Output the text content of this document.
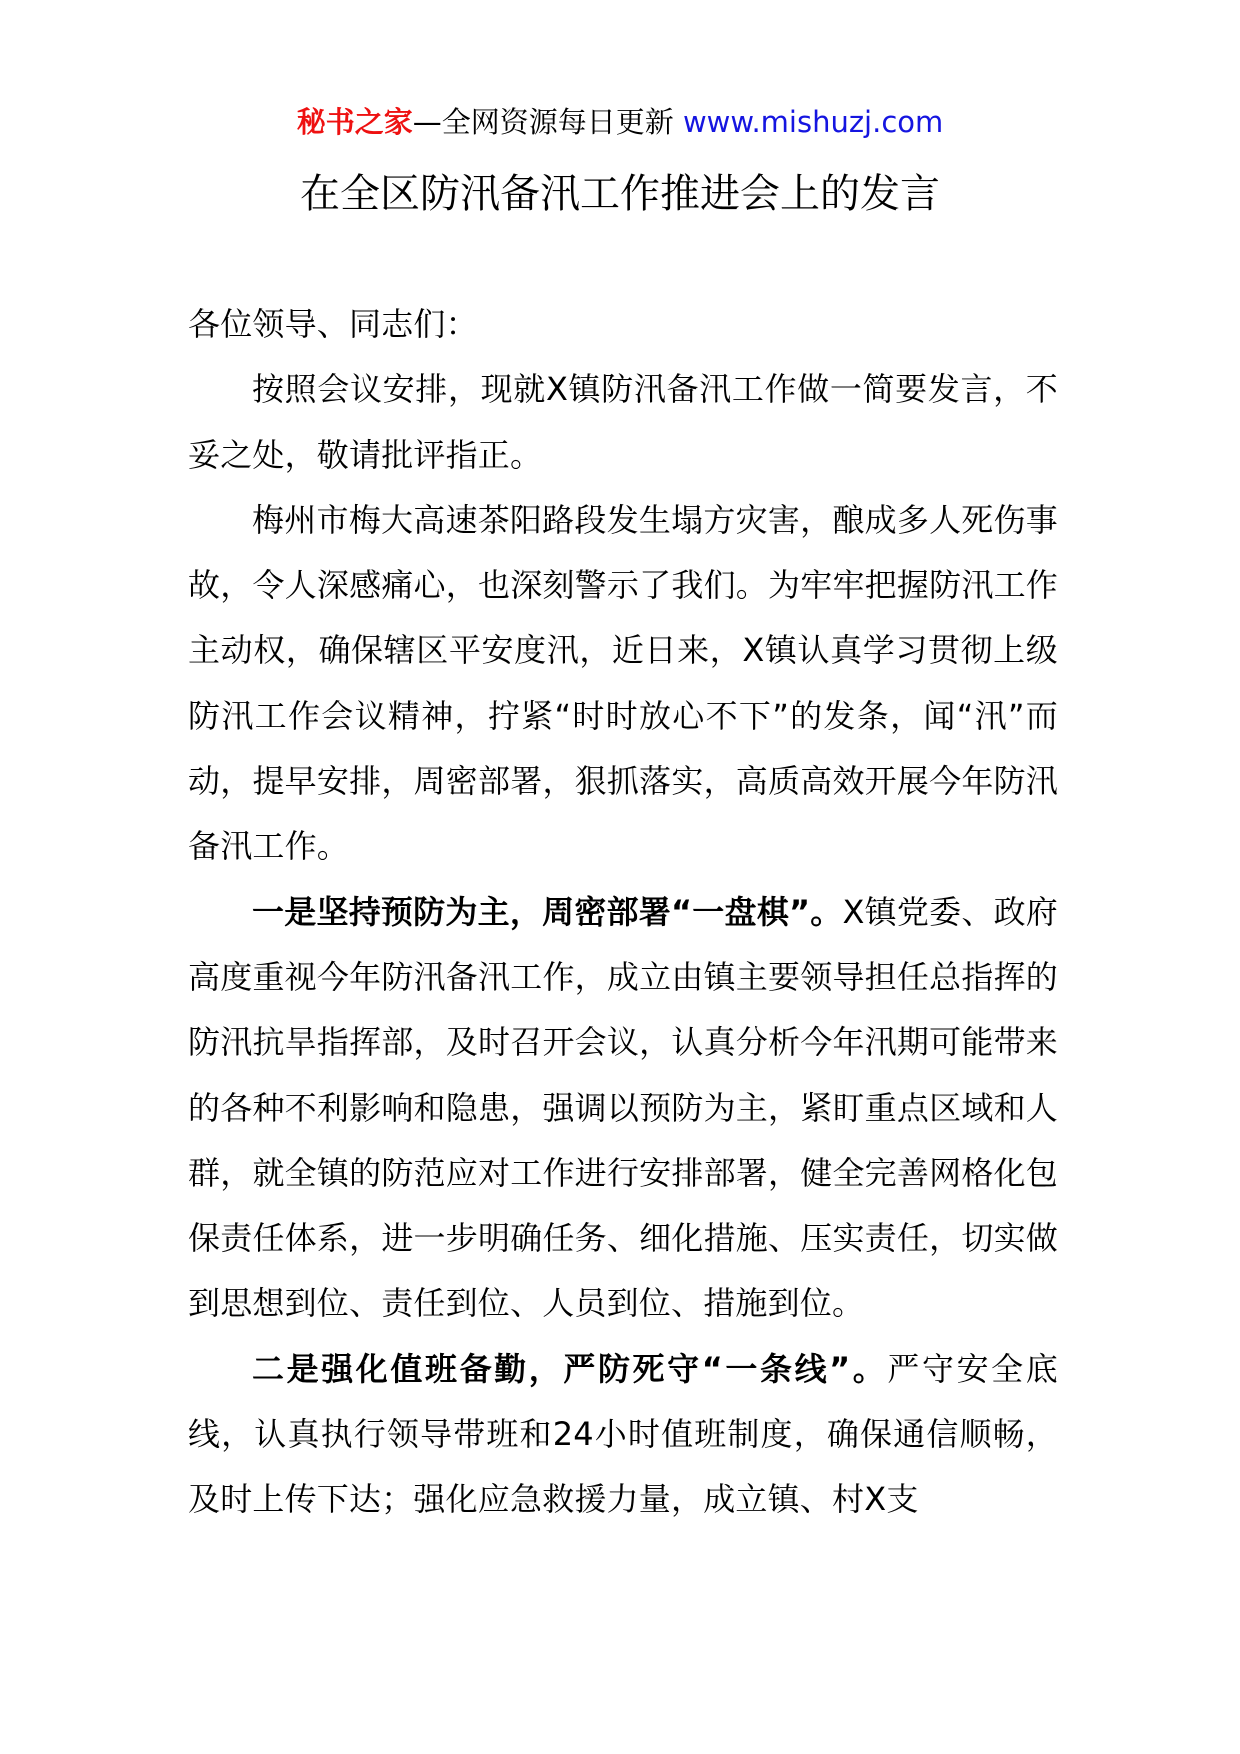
秘书之家—全网资源每日更新 www.mishuzj.com
在全区防汛备汛工作推进会上的发言

各位领导、同志们：

按照会议安排，现就X镇防汛备汛工作做一简要发言，不妥之处，敬请批评指正。

梅州市梅大高速茶阳路段发生塌方灾害，酿成多人死伤事故，令人深感痛心，也深刻警示了我们。为牢牢把握防汛工作主动权，确保辖区平安度汛，近日来，X镇认真学习贯彻上级防汛工作会议精神，拧紧“时时放心不下”的发条，闻“汛”而动，提早安排，周密部署，狠抓落实，高质高效开展今年防汛备汛工作。

一是坚持预防为主，周密部署“一盘棋”。X镇党委、政府高度重视今年防汛备汛工作，成立由镇主要领导担任总指挥的防汛抗旱指挥部，及时召开会议，认真分析今年汛期可能带来的各种不利影响和隐患，强调以预防为主，紧盯重点区域和人群，就全镇的防范应对工作进行安排部署，健全完善网格化包保责任体系，进一步明确任务、细化措施、压实责任，切实做到思想到位、责任到位、人员到位、措施到位。

二是强化值班备勤，严防死守“一条线”。严守安全底线，认真执行领导带班和24小时值班制度，确保通信顺畅，及时上传下达；强化应急救援力量，成立镇、村X支
